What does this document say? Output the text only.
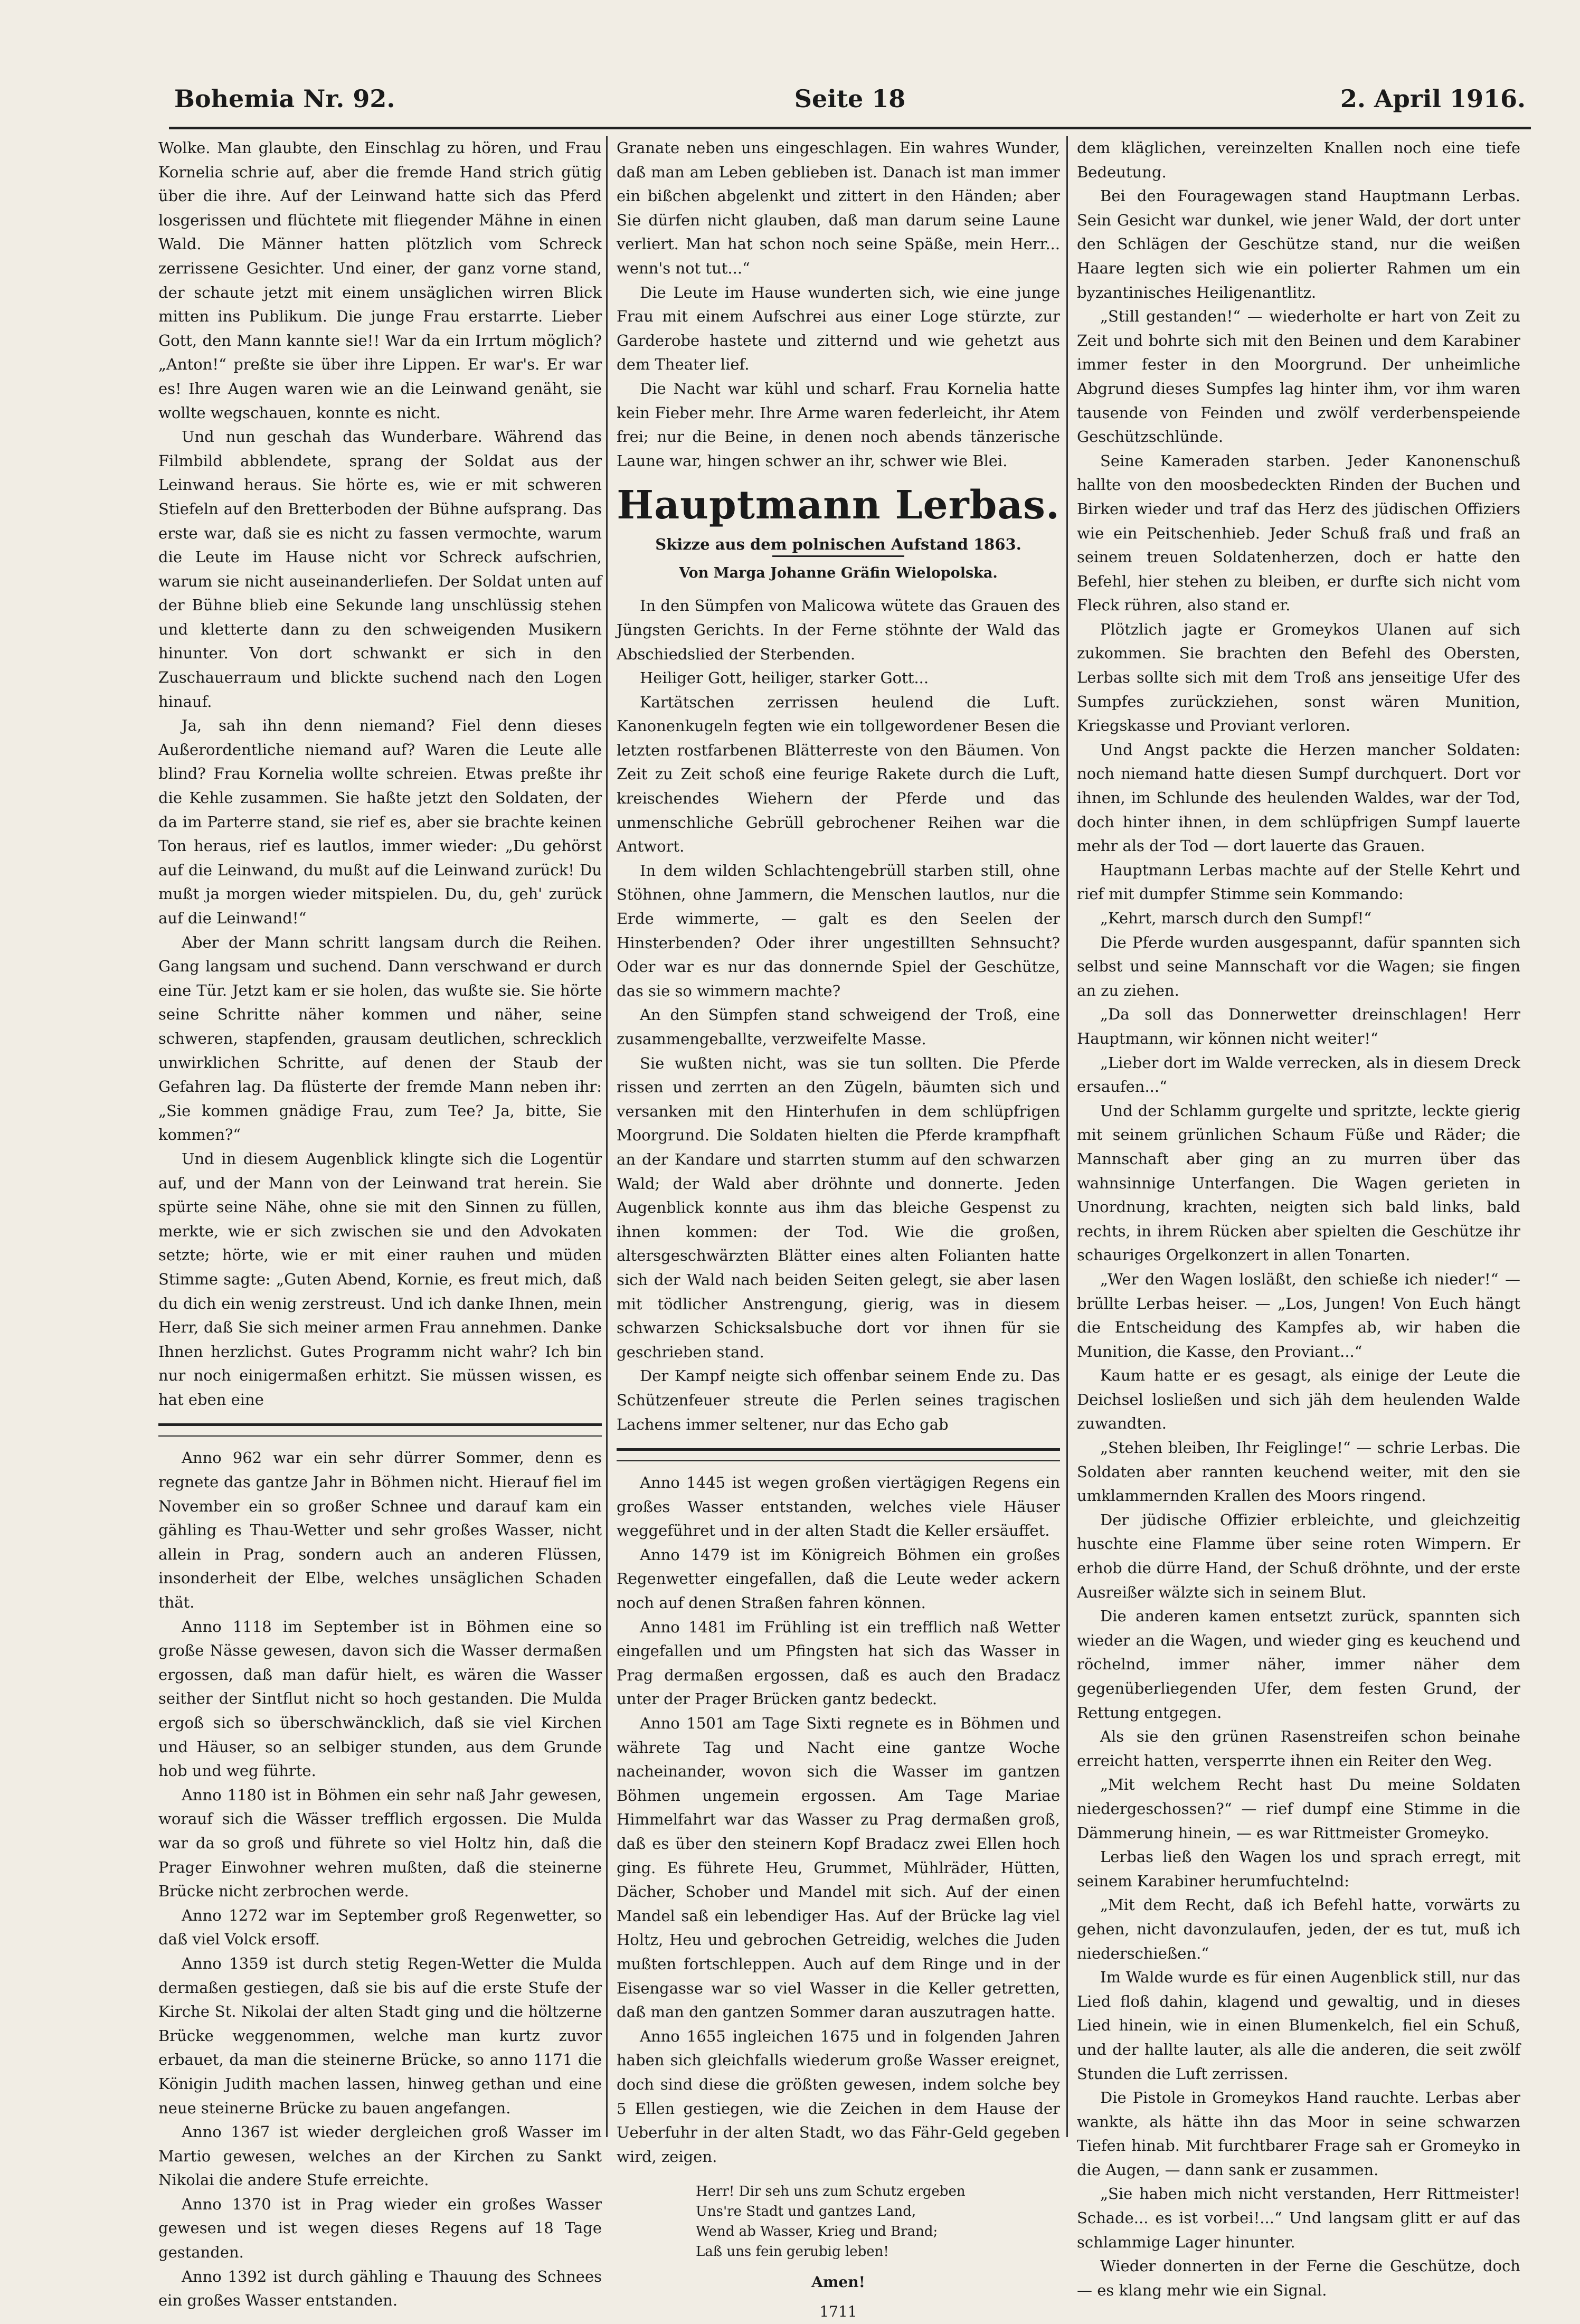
Bohemia Nr. 92.	Seite 18	2. April 1916.

Wolke. Man glaubte, den Einschlag zu hören, und Frau Kornelia schrie auf, aber die fremde Hand strich gütig über die ihre. Auf der Leinwand hatte sich das Pferd losgerissen und flüchtete mit fliegender Mähne in einen Wald. Die Männer hatten plötzlich vom Schreck zerrissene Gesichter. Und einer, der ganz vorne stand, der schaute jetzt mit einem unsäglichen wirren Blick mitten ins Publikum. Die junge Frau erstarrte. Lieber Gott, den Mann kannte sie!! War da ein Irrtum möglich? „Anton!“ preßte sie über ihre Lippen. Er war's. Er war es! Ihre Augen waren wie an die Leinwand genäht, sie wollte wegschauen, konnte es nicht.

Und nun geschah das Wunderbare. Während das Filmbild abblendete, sprang der Soldat aus der Leinwand heraus. Sie hörte es, wie er mit schweren Stiefeln auf den Bretterboden der Bühne aufsprang. Das erste war, daß sie es nicht zu fassen vermochte, warum die Leute im Hause nicht vor Schreck aufschrien, warum sie nicht auseinanderliefen. Der Soldat unten auf der Bühne blieb eine Sekunde lang unschlüssig stehen und kletterte dann zu den schweigenden Musikern hinunter. Von dort schwankt er sich in den Zuschauerraum und blickte suchend nach den Logen hinauf.

Ja, sah ihn denn niemand? Fiel denn dieses Außerordentliche niemand auf? Waren die Leute alle blind? Frau Kornelia wollte schreien. Etwas preßte ihr die Kehle zusammen. Sie haßte jetzt den Soldaten, der da im Parterre stand, sie rief es, aber sie brachte keinen Ton heraus, rief es lautlos, immer wieder: „Du gehörst auf die Leinwand, du mußt auf die Leinwand zurück! Du mußt ja morgen wieder mitspielen. Du, du, geh' zurück auf die Leinwand!“

Aber der Mann schritt langsam durch die Reihen. Gang langsam und suchend. Dann verschwand er durch eine Tür. Jetzt kam er sie holen, das wußte sie. Sie hörte seine Schritte näher kommen und näher, seine schweren, stapfenden, grausam deutlichen, schrecklich unwirklichen Schritte, auf denen der Staub der Gefahren lag. Da flüsterte der fremde Mann neben ihr: „Sie kommen gnädige Frau, zum Tee? Ja, bitte, Sie kommen?“

Und in diesem Augenblick klingte sich die Logentür auf, und der Mann von der Leinwand trat herein. Sie spürte seine Nähe, ohne sie mit den Sinnen zu füllen, merkte, wie er sich zwischen sie und den Advokaten setzte; hörte, wie er mit einer rauhen und müden Stimme sagte: „Guten Abend, Kornie, es freut mich, daß du dich ein wenig zerstreust. Und ich danke Ihnen, mein Herr, daß Sie sich meiner armen Frau annehmen. Danke Ihnen herzlichst. Gutes Programm nicht wahr? Ich bin nur noch einigermaßen erhitzt. Sie müssen wissen, es hat eben eine

Anno 962 war ein sehr dürrer Sommer, denn es regnete das gantze Jahr in Böhmen nicht. Hierauf fiel im November ein so großer Schnee und darauf kam ein gähling es Thau-Wetter und sehr großes Wasser, nicht allein in Prag, sondern auch an anderen Flüssen, insonderheit der Elbe, welches unsäglichen Schaden thät.

Anno 1118 im September ist in Böhmen eine so große Nässe gewesen, davon sich die Wasser dermaßen ergossen, daß man dafür hielt, es wären die Wasser seither der Sintflut nicht so hoch gestanden. Die Mulda ergoß sich so überschwäncklich, daß sie viel Kirchen und Häuser, so an selbiger stunden, aus dem Grunde hob und weg führte.

Anno 1180 ist in Böhmen ein sehr naß Jahr gewesen, worauf sich die Wässer trefflich ergossen. Die Mulda war da so groß und führete so viel Holtz hin, daß die Prager Einwohner wehren mußten, daß die steinerne Brücke nicht zerbrochen werde.

Anno 1272 war im September groß Regenwetter, so daß viel Volck ersoff.

Anno 1359 ist durch stetig Regen-Wetter die Mulda dermaßen gestiegen, daß sie bis auf die erste Stufe der Kirche St. Nikolai der alten Stadt ging und die höltzerne Brücke weggenommen, welche man kurtz zuvor erbauet, da man die steinerne Brücke, so anno 1171 die Königin Judith machen lassen, hinweg gethan und eine neue steinerne Brücke zu bauen angefangen.

Anno 1367 ist wieder dergleichen groß Wasser im Martio gewesen, welches an der Kirchen zu Sankt Nikolai die andere Stufe erreichte.

Anno 1370 ist in Prag wieder ein großes Wasser gewesen und ist wegen dieses Regens auf 18 Tage gestanden.

Anno 1392 ist durch gähling e Thauung des Schnees ein großes Wasser entstanden.

Granate neben uns eingeschlagen. Ein wahres Wunder, daß man am Leben geblieben ist. Danach ist man immer ein bißchen abgelenkt und zittert in den Händen; aber Sie dürfen nicht glauben, daß man darum seine Laune verliert. Man hat schon noch seine Späße, mein Herr... wenn's not tut...“

Die Leute im Hause wunderten sich, wie eine junge Frau mit einem Aufschrei aus einer Loge stürzte, zur Garderobe hastete und zitternd und wie gehetzt aus dem Theater lief.

Die Nacht war kühl und scharf. Frau Kornelia hatte kein Fieber mehr. Ihre Arme waren federleicht, ihr Atem frei; nur die Beine, in denen noch abends tänzerische Laune war, hingen schwer an ihr, schwer wie Blei.

Hauptmann Lerbas.
Skizze aus dem polnischen Aufstand 1863.
Von Marga Johanne Gräfin Wielopolska.

In den Sümpfen von Malicowa wütete das Grauen des Jüngsten Gerichts. In der Ferne stöhnte der Wald das Abschiedslied der Sterbenden.

Heiliger Gott, heiliger, starker Gott...

Kartätschen zerrissen heulend die Luft. Kanonenkugeln fegten wie ein tollgewordener Besen die letzten rostfarbenen Blätterreste von den Bäumen. Von Zeit zu Zeit schoß eine feurige Rakete durch die Luft, kreischendes Wiehern der Pferde und das unmenschliche Gebrüll gebrochener Reihen war die Antwort.

In dem wilden Schlachtengebrüll starben still, ohne Stöhnen, ohne Jammern, die Menschen lautlos, nur die Erde wimmerte, — galt es den Seelen der Hinsterbenden? Oder ihrer ungestillten Sehnsucht? Oder war es nur das donnernde Spiel der Geschütze, das sie so wimmern machte?

An den Sümpfen stand schweigend der Troß, eine zusammengeballte, verzweifelte Masse.

Sie wußten nicht, was sie tun sollten. Die Pferde rissen und zerrten an den Zügeln, bäumten sich und versanken mit den Hinterhufen in dem schlüpfrigen Moorgrund. Die Soldaten hielten die Pferde krampfhaft an der Kandare und starrten stumm auf den schwarzen Wald; der Wald aber dröhnte und donnerte. Jeden Augenblick konnte aus ihm das bleiche Gespenst zu ihnen kommen: der Tod. Wie die großen, altersgeschwärzten Blätter eines alten Folianten hatte sich der Wald nach beiden Seiten gelegt, sie aber lasen mit tödlicher Anstrengung, gierig, was in diesem schwarzen Schicksalsbuche dort vor ihnen für sie geschrieben stand.

Der Kampf neigte sich offenbar seinem Ende zu. Das Schützenfeuer streute die Perlen seines tragischen Lachens immer seltener, nur das Echo gab

Anno 1445 ist wegen großen viertägigen Regens ein großes Wasser entstanden, welches viele Häuser weggeführet und in der alten Stadt die Keller ersäuffet.

Anno 1479 ist im Königreich Böhmen ein großes Regenwetter eingefallen, daß die Leute weder ackern noch auf denen Straßen fahren können.

Anno 1481 im Frühling ist ein trefflich naß Wetter eingefallen und um Pfingsten hat sich das Wasser in Prag dermaßen ergossen, daß es auch den Bradacz unter der Prager Brücken gantz bedeckt.

Anno 1501 am Tage Sixti regnete es in Böhmen und währete Tag und Nacht eine gantze Woche nacheinander, wovon sich die Wasser im gantzen Böhmen ungemein ergossen. Am Tage Mariae Himmelfahrt war das Wasser zu Prag dermaßen groß, daß es über den steinern Kopf Bradacz zwei Ellen hoch ging. Es führete Heu, Grummet, Mühlräder, Hütten, Dächer, Schober und Mandel mit sich. Auf der einen Mandel saß ein lebendiger Has. Auf der Brücke lag viel Holtz, Heu und gebrochen Getreidig, welches die Juden mußten fortschleppen. Auch auf dem Ringe und in der Eisengasse war so viel Wasser in die Keller getretten, daß man den gantzen Sommer daran auszutragen hatte.

Anno 1655 ingleichen 1675 und in folgenden Jahren haben sich gleichfalls wiederum große Wasser ereignet, doch sind diese die größten gewesen, indem solche bey 5 Ellen gestiegen, wie die Zeichen in dem Hause der Ueberfuhr in der alten Stadt, wo das Fähr-Geld gegeben wird, zeigen.

Herr! Dir seh uns zum Schutz ergeben
Uns're Stadt und gantzes Land,
Wend ab Wasser, Krieg und Brand;
Laß uns fein gerubig leben!
Amen!
1711

dem kläglichen, vereinzelten Knallen noch eine tiefe Bedeutung.

Bei den Fouragewagen stand Hauptmann Lerbas. Sein Gesicht war dunkel, wie jener Wald, der dort unter den Schlägen der Geschütze stand, nur die weißen Haare legten sich wie ein polierter Rahmen um ein byzantinisches Heiligenantlitz.

„Still gestanden!“ — wiederholte er hart von Zeit zu Zeit und bohrte sich mit den Beinen und dem Karabiner immer fester in den Moorgrund. Der unheimliche Abgrund dieses Sumpfes lag hinter ihm, vor ihm waren tausende von Feinden und zwölf verderbenspeiende Geschützschlünde.

Seine Kameraden starben. Jeder Kanonenschuß hallte von den moosbedeckten Rinden der Buchen und Birken wieder und traf das Herz des jüdischen Offiziers wie ein Peitschenhieb. Jeder Schuß fraß und fraß an seinem treuen Soldatenherzen, doch er hatte den Befehl, hier stehen zu bleiben, er durfte sich nicht vom Fleck rühren, also stand er.

Plötzlich jagte er Gromeykos Ulanen auf sich zukommen. Sie brachten den Befehl des Obersten, Lerbas sollte sich mit dem Troß ans jenseitige Ufer des Sumpfes zurückziehen, sonst wären Munition, Kriegskasse und Proviant verloren.

Und Angst packte die Herzen mancher Soldaten: noch niemand hatte diesen Sumpf durchquert. Dort vor ihnen, im Schlunde des heulenden Waldes, war der Tod, doch hinter ihnen, in dem schlüpfrigen Sumpf lauerte mehr als der Tod — dort lauerte das Grauen.

Hauptmann Lerbas machte auf der Stelle Kehrt und rief mit dumpfer Stimme sein Kommando:

„Kehrt, marsch durch den Sumpf!“

Die Pferde wurden ausgespannt, dafür spannten sich selbst und seine Mannschaft vor die Wagen; sie fingen an zu ziehen.

„Da soll das Donnerwetter dreinschlagen! Herr Hauptmann, wir können nicht weiter!“

„Lieber dort im Walde verrecken, als in diesem Dreck ersaufen...“

Und der Schlamm gurgelte und spritzte, leckte gierig mit seinem grünlichen Schaum Füße und Räder; die Mannschaft aber ging an zu murren über das wahnsinnige Unterfangen. Die Wagen gerieten in Unordnung, krachten, neigten sich bald links, bald rechts, in ihrem Rücken aber spielten die Geschütze ihr schauriges Orgelkonzert in allen Tonarten.

„Wer den Wagen losläßt, den schieße ich nieder!“ — brüllte Lerbas heiser. — „Los, Jungen! Von Euch hängt die Entscheidung des Kampfes ab, wir haben die Munition, die Kasse, den Proviant...“

Kaum hatte er es gesagt, als einige der Leute die Deichsel losließen und sich jäh dem heulenden Walde zuwandten.

„Stehen bleiben, Ihr Feiglinge!“ — schrie Lerbas. Die Soldaten aber rannten keuchend weiter, mit den sie umklammernden Krallen des Moors ringend.

Der jüdische Offizier erbleichte, und gleichzeitig huschte eine Flamme über seine roten Wimpern. Er erhob die dürre Hand, der Schuß dröhnte, und der erste Ausreißer wälzte sich in seinem Blut.

Die anderen kamen entsetzt zurück, spannten sich wieder an die Wagen, und wieder ging es keuchend und röchelnd, immer näher, immer näher dem gegenüberliegenden Ufer, dem festen Grund, der Rettung entgegen.

Als sie den grünen Rasenstreifen schon beinahe erreicht hatten, versperrte ihnen ein Reiter den Weg.

„Mit welchem Recht hast Du meine Soldaten niedergeschossen?“ — rief dumpf eine Stimme in die Dämmerung hinein, — es war Rittmeister Gromeyko.

Lerbas ließ den Wagen los und sprach erregt, mit seinem Karabiner herumfuchtelnd:

„Mit dem Recht, daß ich Befehl hatte, vorwärts zu gehen, nicht davonzulaufen, jeden, der es tut, muß ich niederschießen.“

Im Walde wurde es für einen Augenblick still, nur das Lied floß dahin, klagend und gewaltig, und in dieses Lied hinein, wie in einen Blumenkelch, fiel ein Schuß, und der hallte lauter, als alle die anderen, die seit zwölf Stunden die Luft zerrissen.

Die Pistole in Gromeykos Hand rauchte. Lerbas aber wankte, als hätte ihn das Moor in seine schwarzen Tiefen hinab. Mit furchtbarer Frage sah er Gromeyko in die Augen, — dann sank er zusammen.

„Sie haben mich nicht verstanden, Herr Rittmeister! Schade... es ist vorbei!...“ Und langsam glitt er auf das schlammige Lager hinunter.

Wieder donnerten in der Ferne die Geschütze, doch — es klang mehr wie ein Signal.
